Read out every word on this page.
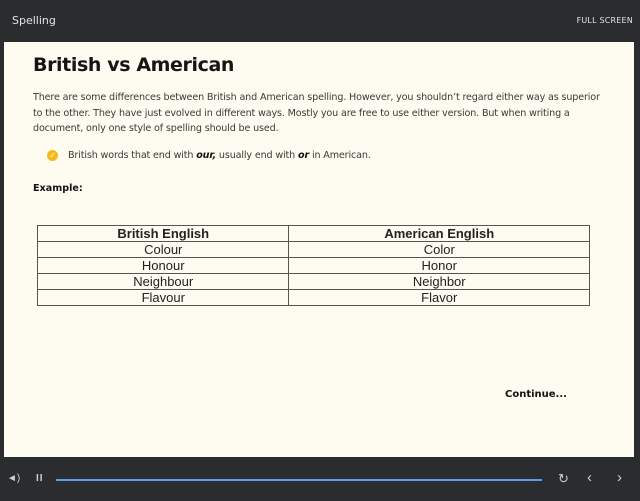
Spelling	FULL SCREEN
British vs American

There are some differences between British and American spelling. However, you shouldn’t regard either way as superior to the other. They have just evolved in different ways. Mostly you are free to use either version. But when writing a document, only one style of spelling should be used.

✓ British words that end with our, usually end with or in American.
Example:
British English	American English
Colour	Color
Honour	Honor
Neighbour	Neighbor
Flavour	Flavor
Continue...
◄) II	↻ ‹ ›
